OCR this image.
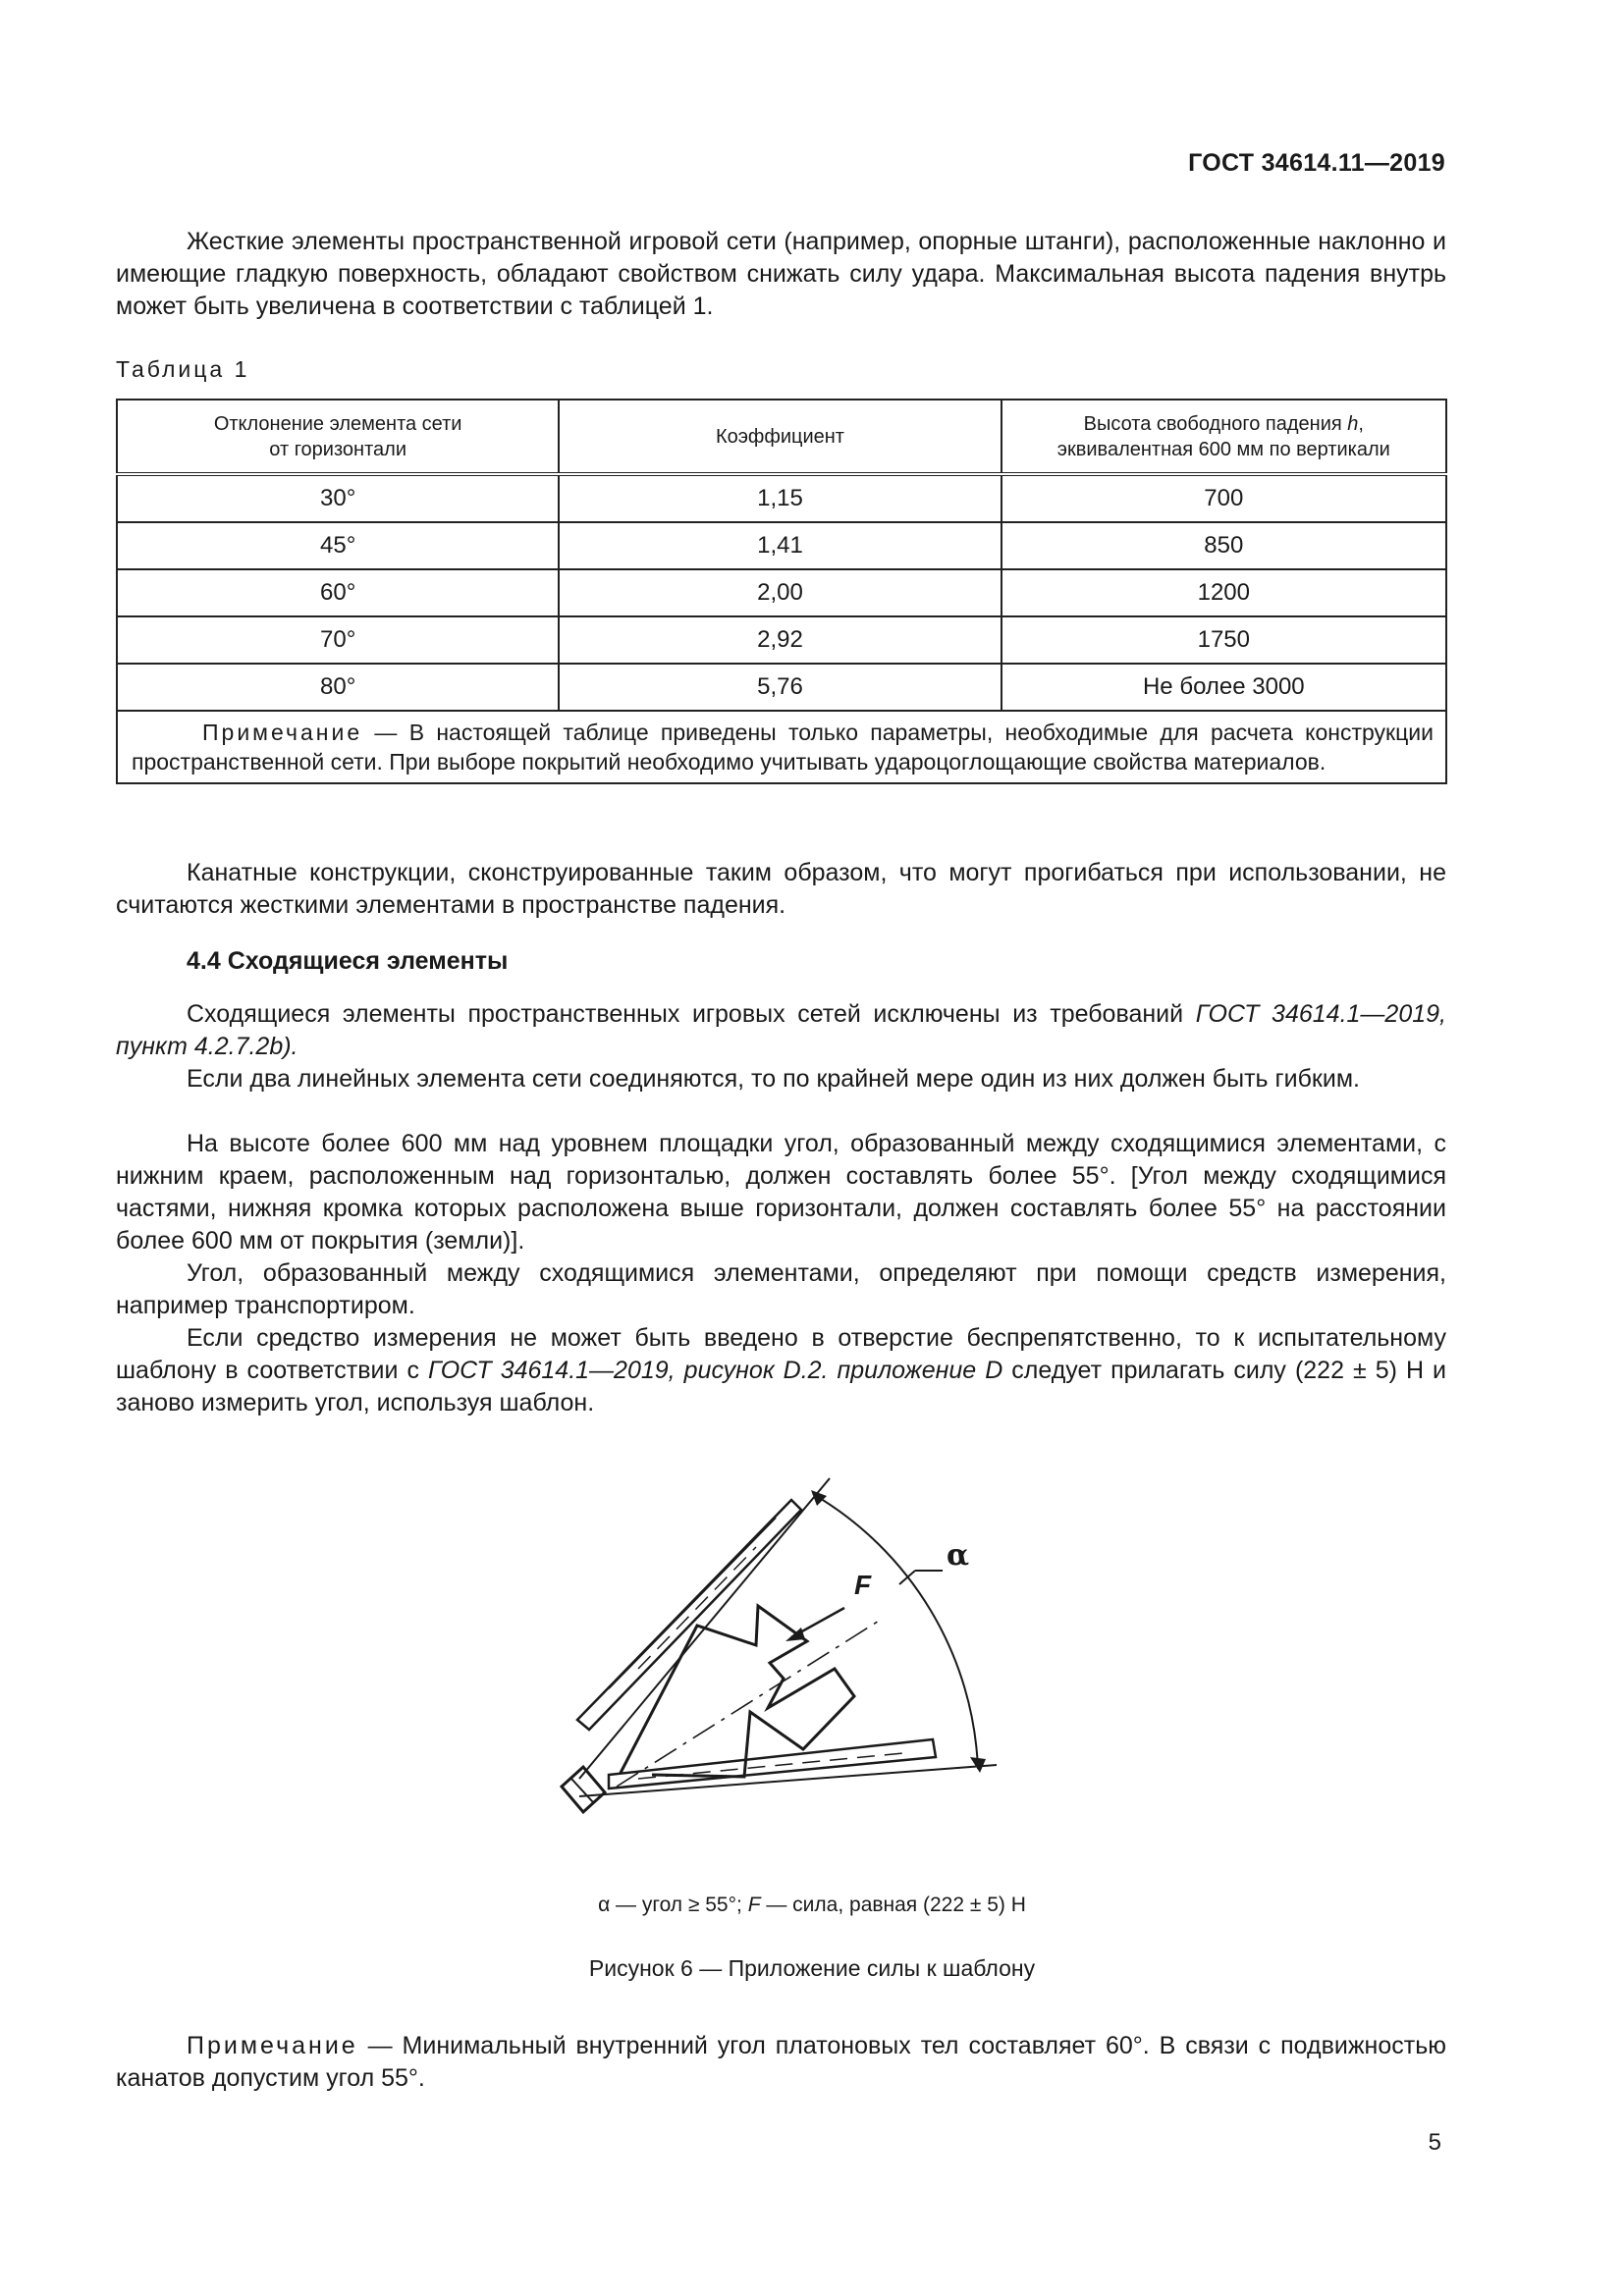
ГОСТ 34614.11—2019

Жесткие элементы пространственной игровой сети (например, опорные штанги), расположенные наклонно и имеющие гладкую поверхность, обладают свойством снижать силу удара. Максимальная высота падения внутрь может быть увеличена в соответствии с таблицей 1.

Таблица 1
Отклонение элемента сети
от горизонтали	Коэффициент	Высота свободного падения h,
эквивалентная 600 мм по вертикали
30°	1,15	700
45°	1,41	850
60°	2,00	1200
70°	2,92	1750
80°	5,76	Не более 3000
Примечание — В настоящей таблице приведены только параметры, необходимые для расчета конструкции пространственной сети. При выборе покрытий необходимо учитывать удароцоглощающие свойства материалов.		

Канатные конструкции, сконструированные таким образом, что могут прогибаться при использовании, не считаются жесткими элементами в пространстве падения.

4.4 Сходящиеся элементы

Сходящиеся элементы пространственных игровых сетей исключены из требований ГОСТ 34614.1—2019, пункт 4.2.7.2b).

Если два линейных элемента сети соединяются, то по крайней мере один из них должен быть гибким.

На высоте более 600 мм над уровнем площадки угол, образованный между сходящимися элементами, с нижним краем, расположенным над горизонталью, должен составлять более 55°. [Угол между сходящимися частями, нижняя кромка которых расположена выше горизонтали, должен составлять более 55° на расстоянии более 600 мм от покрытия (земли)].

Угол, образованный между сходящимися элементами, определяют при помощи средств измерения, например транспортиром.

Если средство измерения не может быть введено в отверстие беспрепятственно, то к испытательному шаблону в соответствии с ГОСТ 34614.1—2019, рисунок D.2. приложение D следует прилагать силу (222 ± 5) Н и заново измерить угол, используя шаблон.

α
F
α — угол ≥ 55°; F — сила, равная (222 ± 5) Н
Рисунок 6 — Приложение силы к шаблону

Примечание — Минимальный внутренний угол платоновых тел составляет 60°. В связи с подвижностью канатов допустим угол 55°.

5
